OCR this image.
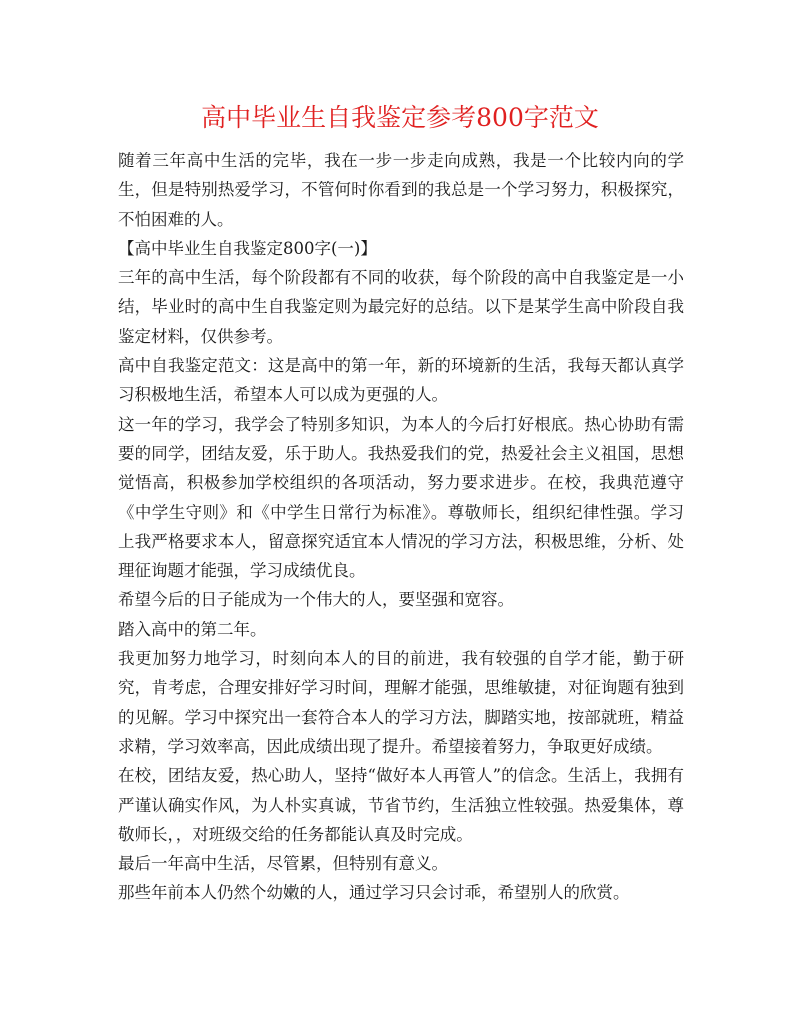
高中毕业生自我鉴定参考800字范文

随着三年高中生活的完毕，我在一步一步走向成熟，我是一个比较内向的学生，但是特别热爱学习，不管何时你看到的我总是一个学习努力，积极探究，不怕困难的人。

【高中毕业生自我鉴定800字(一)】

三年的高中生活，每个阶段都有不同的收获，每个阶段的高中自我鉴定是一小结，毕业时的高中生自我鉴定则为最完好的总结。以下是某学生高中阶段自我鉴定材料，仅供参考。

高中自我鉴定范文：这是高中的第一年，新的环境新的生活，我每天都认真学习积极地生活，希望本人可以成为更强的人。

这一年的学习，我学会了特别多知识，为本人的今后打好根底。热心协助有需要的同学，团结友爱，乐于助人。我热爱我们的党，热爱社会主义祖国，思想觉悟高，积极参加学校组织的各项活动，努力要求进步。在校，我典范遵守《中学生守则》和《中学生日常行为标准》。尊敬师长，组织纪律性强。学习上我严格要求本人，留意探究适宜本人情况的学习方法，积极思维，分析、处理征询题才能强，学习成绩优良。

希望今后的日子能成为一个伟大的人，要坚强和宽容。

踏入高中的第二年。

我更加努力地学习，时刻向本人的目的前进，我有较强的自学才能，勤于研究，肯考虑，合理安排好学习时间，理解才能强，思维敏捷，对征询题有独到的见解。学习中探究出一套符合本人的学习方法，脚踏实地，按部就班，精益求精，学习效率高，因此成绩出现了提升。希望接着努力，争取更好成绩。

在校，团结友爱，热心助人，坚持“做好本人再管人”的信念。生活上，我拥有严谨认确实作风，为人朴实真诚，节省节约，生活独立性较强。热爱集体，尊敬师长，，对班级交给的任务都能认真及时完成。

最后一年高中生活，尽管累，但特别有意义。

那些年前本人仍然个幼嫩的人，通过学习只会讨乖，希望别人的欣赏。
